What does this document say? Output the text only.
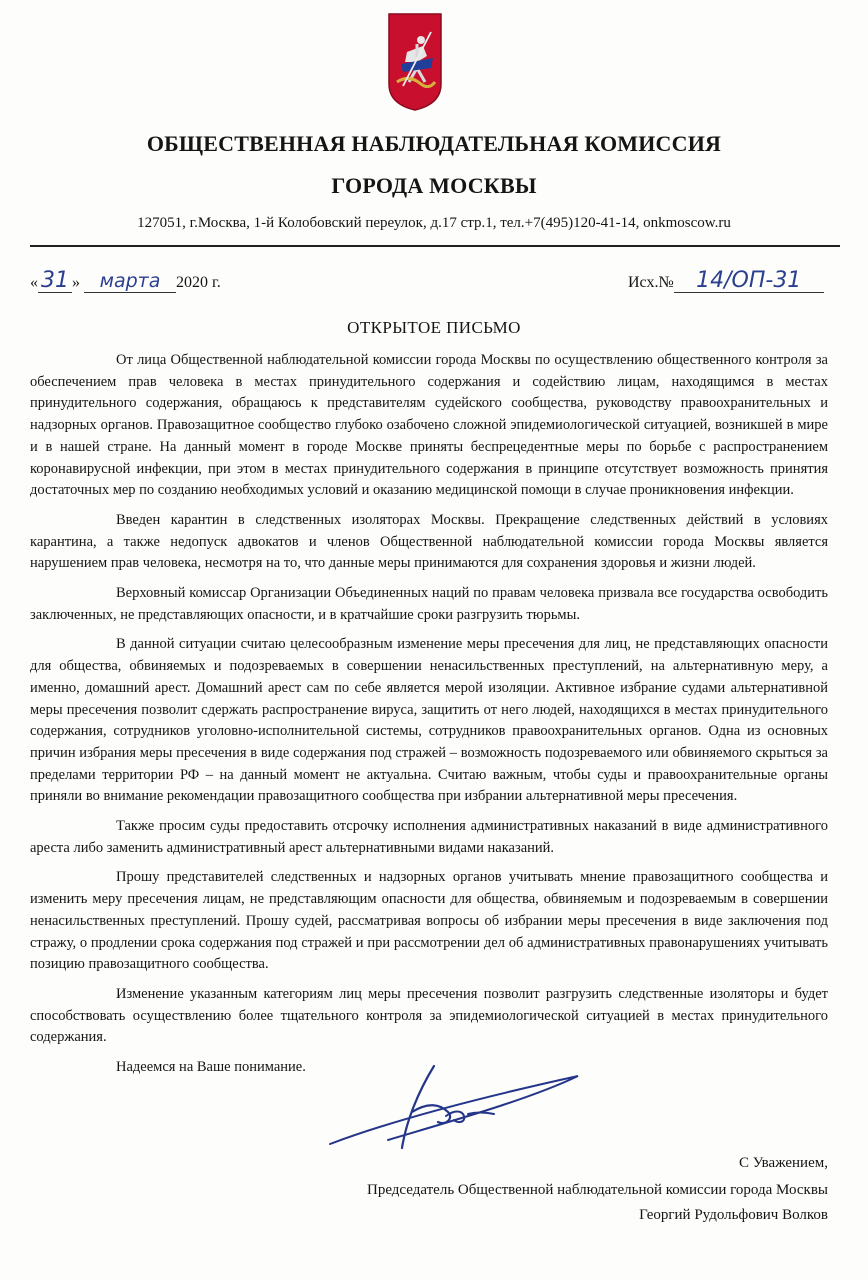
ОБЩЕСТВЕННАЯ НАБЛЮДАТЕЛЬНАЯ КОМИССИЯ
ГОРОДА МОСКВЫ
127051, г.Москва, 1-й Колобовский переулок, д.17 стр.1, тел.+7(495)120-41-14, onkmoscow.ru
« 31 » марта 2020 г.	Исх.№ 14/ОП-31
ОТКРЫТОЕ ПИСЬМО

От лица Общественной наблюдательной комиссии города Москвы по осуществлению общественного контроля за обеспечением прав человека в местах принудительного содержания и содействию лицам, находящимся в местах принудительного содержания, обращаюсь к представителям судейского сообщества, руководству правоохранительных и надзорных органов. Правозащитное сообщество глубоко озабочено сложной эпидемиологической ситуацией, возникшей в мире и в нашей стране. На данный момент в городе Москве приняты беспрецедентные меры по борьбе с распространением коронавирусной инфекции, при этом в местах принудительного содержания в принципе отсутствует возможность принятия достаточных мер по созданию необходимых условий и оказанию медицинской помощи в случае проникновения инфекции.

Введен карантин в следственных изоляторах Москвы. Прекращение следственных действий в условиях карантина, а также недопуск адвокатов и членов Общественной наблюдательной комиссии города Москвы является нарушением прав человека, несмотря на то, что данные меры принимаются для сохранения здоровья и жизни людей.

Верховный комиссар Организации Объединенных наций по правам человека призвала все государства освободить заключенных, не представляющих опасности, и в кратчайшие сроки разгрузить тюрьмы.

В данной ситуации считаю целесообразным изменение меры пресечения для лиц, не представляющих опасности для общества, обвиняемых и подозреваемых в совершении ненасильственных преступлений, на альтернативную меру, а именно, домашний арест. Домашний арест сам по себе является мерой изоляции. Активное избрание судами альтернативной меры пресечения позволит сдержать распространение вируса, защитить от него людей, находящихся в местах принудительного содержания, сотрудников уголовно-исполнительной системы, сотрудников правоохранительных органов. Одна из основных причин избрания меры пресечения в виде содержания под стражей – возможность подозреваемого или обвиняемого скрыться за пределами территории РФ – на данный момент не актуальна. Считаю важным, чтобы суды и правоохранительные органы приняли во внимание рекомендации правозащитного сообщества при избрании альтернативной меры пресечения.

Также просим суды предоставить отсрочку исполнения административных наказаний в виде административного ареста либо заменить административный арест альтернативными видами наказаний.

Прошу представителей следственных и надзорных органов учитывать мнение правозащитного сообщества и изменить меру пресечения лицам, не представляющим опасности для общества, обвиняемым и подозреваемым в совершении ненасильственных преступлений. Прошу судей, рассматривая вопросы об избрании меры пресечения в виде заключения под стражу, о продлении срока содержания под стражей и при рассмотрении дел об административных правонарушениях учитывать позицию правозащитного сообщества.

Изменение указанным категориям лиц меры пресечения позволит разгрузить следственные изоляторы и будет способствовать осуществлению более тщательного контроля за эпидемиологической ситуацией в местах принудительного содержания.

Надеемся на Ваше понимание.

С Уважением,
Председатель Общественной наблюдательной комиссии города Москвы
Георгий Рудольфович Волков
